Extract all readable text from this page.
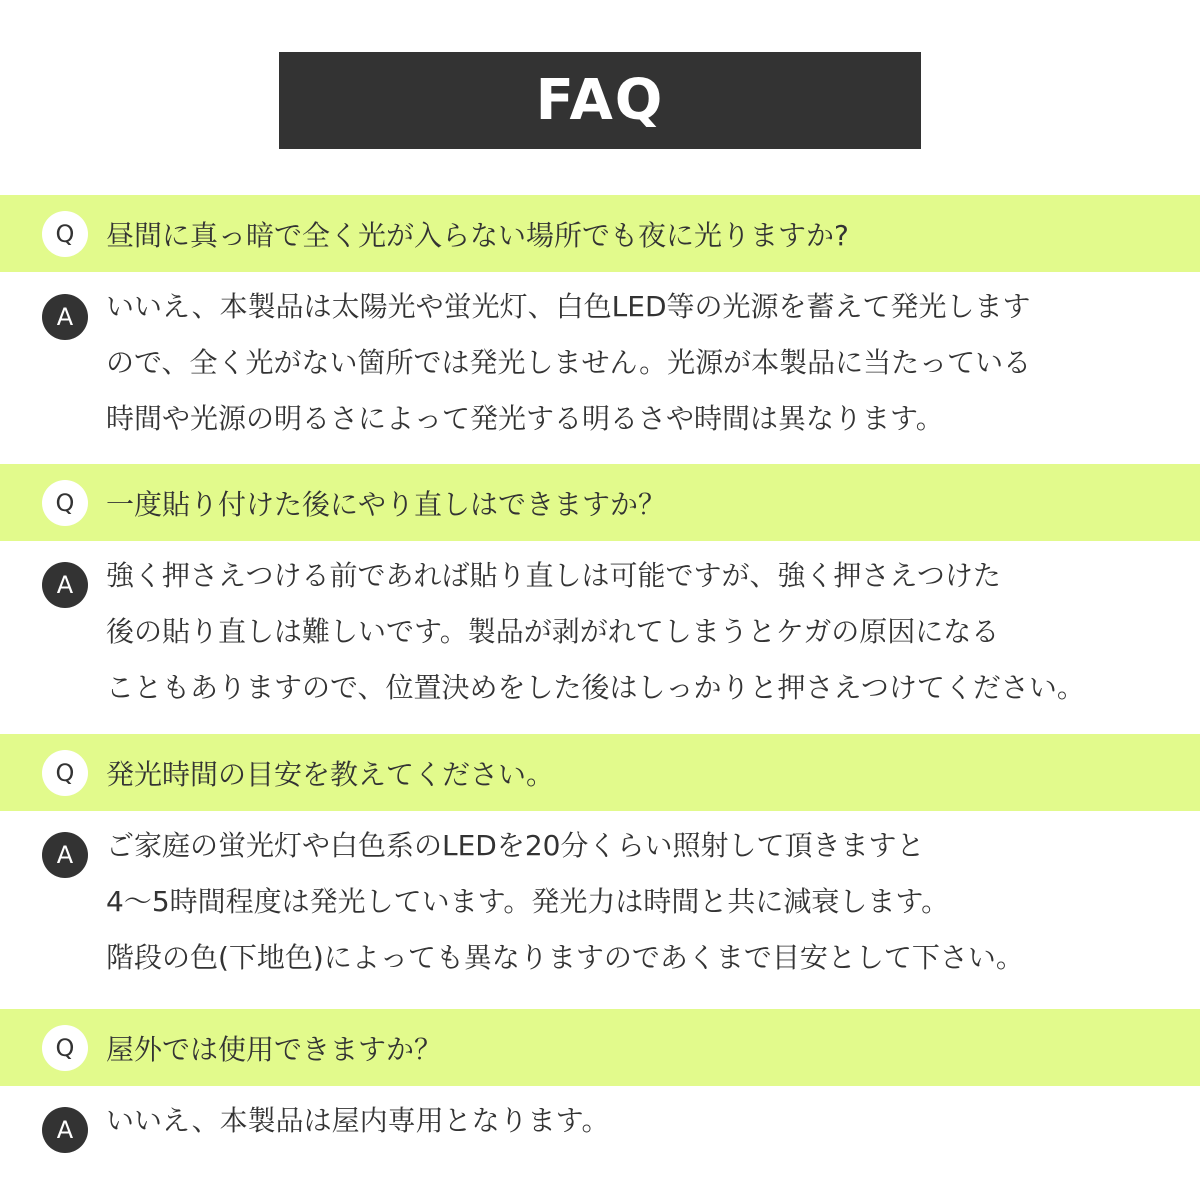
FAQ
Q	昼間に真っ暗で全く光が入らない場所でも夜に光りますか?
A	いいえ、本製品は太陽光や蛍光灯、白色LED等の光源を蓄えて発光します
ので、全く光がない箇所では発光しません。光源が本製品に当たっている
時間や光源の明るさによって発光する明るさや時間は異なります。
Q	一度貼り付けた後にやり直しはできますか？
A	強く押さえつける前であれば貼り直しは可能ですが、強く押さえつけた
後の貼り直しは難しいです。製品が剥がれてしまうとケガの原因になる
こともありますので、位置決めをした後はしっかりと押さえつけてください。
Q	発光時間の目安を教えてください。
A	ご家庭の蛍光灯や白色系のLEDを20分くらい照射して頂きますと
4〜5時間程度は発光しています。発光力は時間と共に減衰します。
階段の色(下地色)によっても異なりますのであくまで目安として下さい。
Q	屋外では使用できますか？
A	いいえ、本製品は屋内専用となります。
